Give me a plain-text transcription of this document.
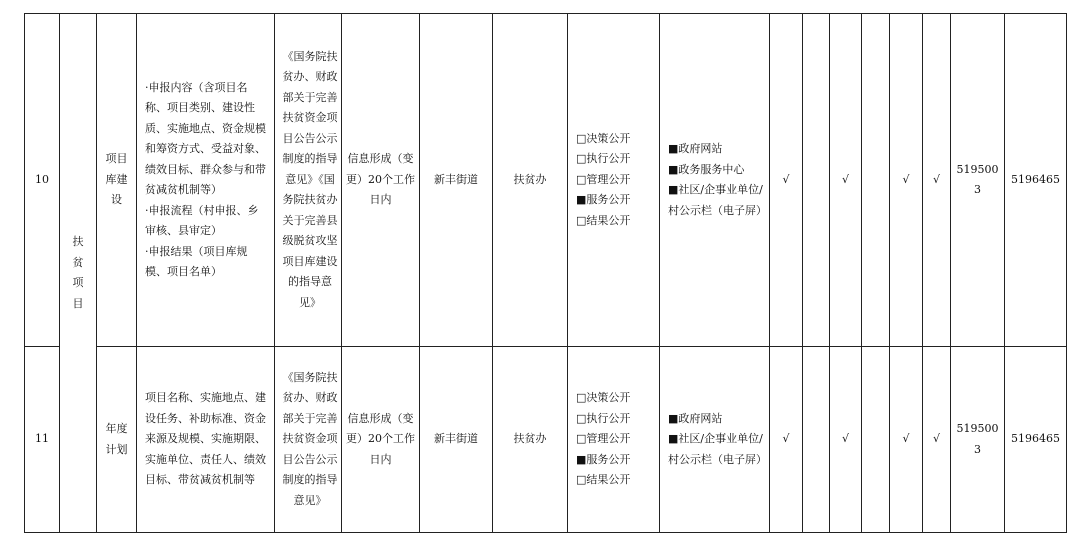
10	扶
贫
项
目	项目
库建
设	·申报内容（含项目名称、项目类别、建设性质、实施地点、资金规模和筹资方式、受益对象、绩效目标、群众参与和带贫减贫机制等）
·申报流程（村申报、乡审核、县审定）
·申报结果（项目库规模、项目名单）	《国务院扶贫办、财政部关于完善扶贫资金项目公告公示制度的指导意见》《国务院扶贫办关于完善县级脱贫攻坚项目库建设的指导意见》	信息形成（变更）20个工作日内	新丰街道	扶贫办	□决策公开
□执行公开
□管理公开
■服务公开
□结果公开	■政府网站
■政务服务中心
■社区/企事业单位/村公示栏（电子屏）	√		√		√	√	5195003	5196465
11		年度
计划	项目名称、实施地点、建设任务、补助标准、资金来源及规模、实施期限、实施单位、责任人、绩效目标、带贫减贫机制等	《国务院扶贫办、财政部关于完善扶贫资金项目公告公示制度的指导意见》	信息形成（变更）20个工作日内	新丰街道	扶贫办	□决策公开
□执行公开
□管理公开
■服务公开
□结果公开	■政府网站
■社区/企事业单位/村公示栏（电子屏）	√		√		√	√	5195003	5196465
